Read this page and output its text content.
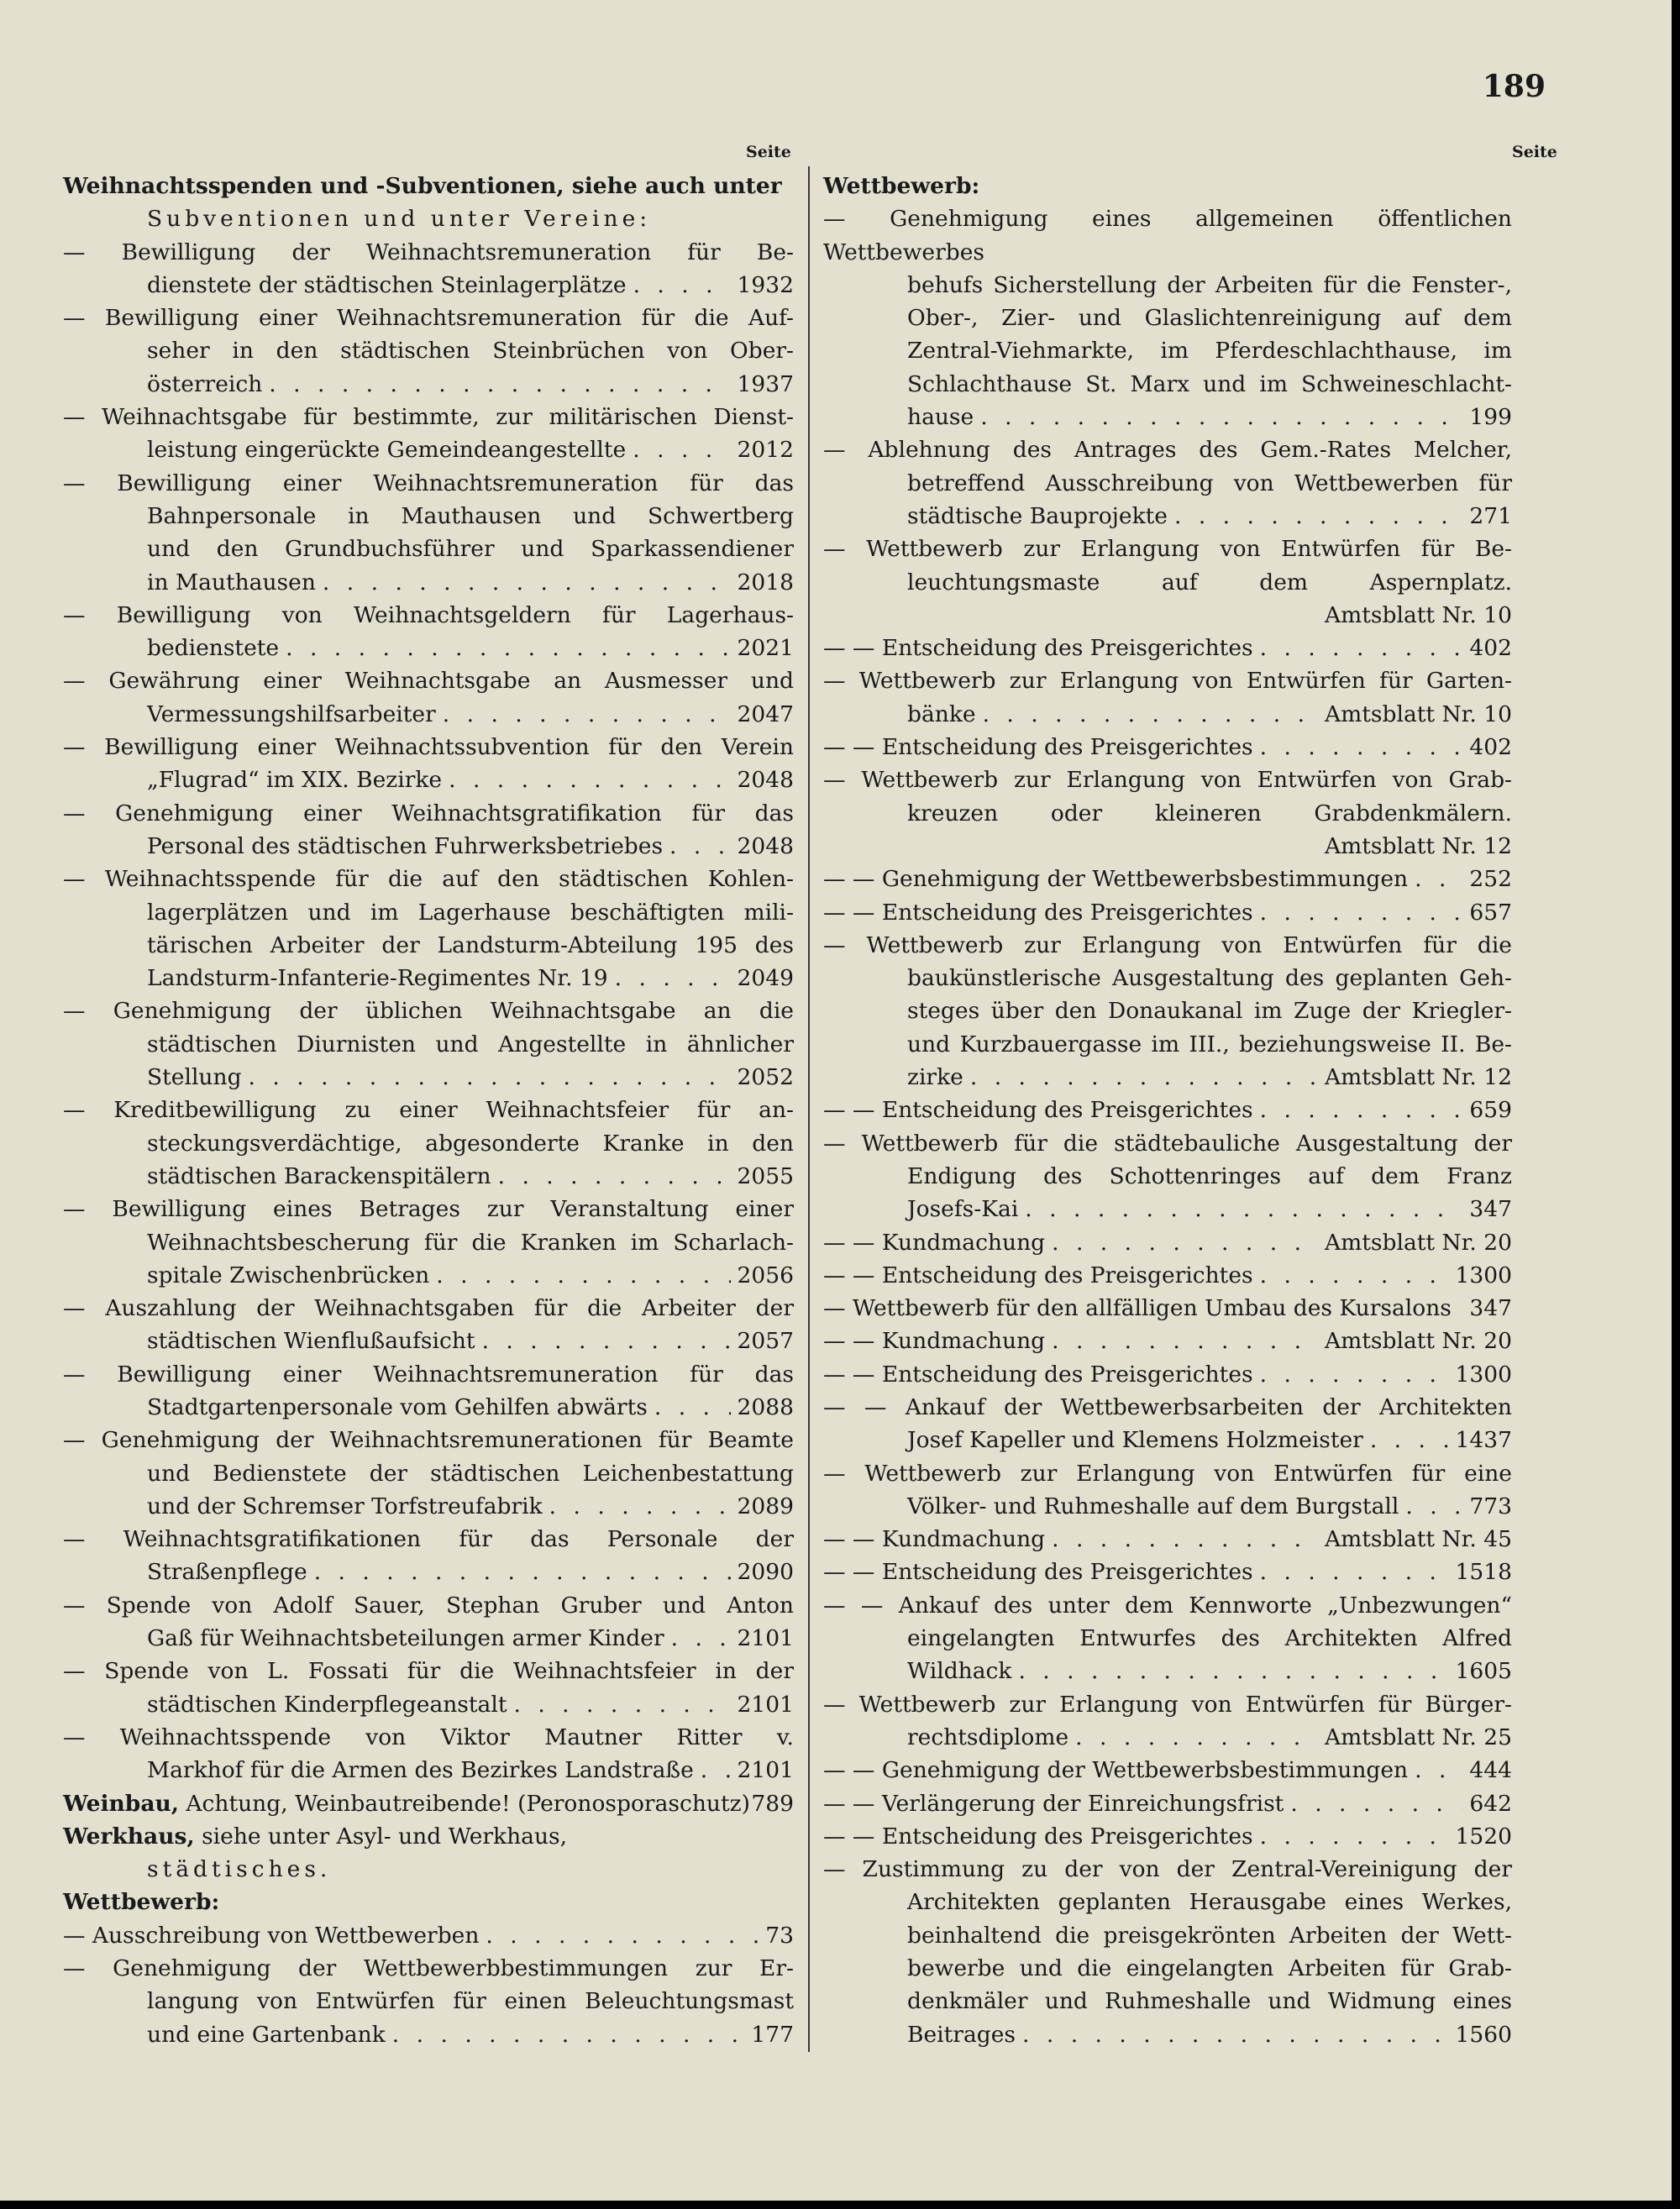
189
Seite	Seite
Weihnachtsspenden und -Subventionen, siehe auch unter
Subventionen und unter Vereine:
— Bewilligung der Weihnachtsremuneration für Be-
dienstete der städtischen Steinlagerplätze . . .	1932
— Bewilligung einer Weihnachtsremuneration für die Auf-
seher in den städtischen Steinbrüchen von Ober-
österreich . . .	1937
— Weihnachtsgabe für bestimmte, zur militärischen Dienst-
leistung eingerückte Gemeindeangestellte . . .	2012
— Bewilligung einer Weihnachtsremuneration für das
Bahnpersonale in Mauthausen und Schwertberg
und den Grundbuchsführer und Sparkassendiener
in Mauthausen . . .	2018
— Bewilligung von Weihnachtsgeldern für Lagerhaus-
bedienstete . . .	2021
— Gewährung einer Weihnachtsgabe an Ausmesser und
Vermessungshilfsarbeiter . . .	2047
— Bewilligung einer Weihnachtssubvention für den Verein
„Flugrad“ im XIX. Bezirke . . .	2048
— Genehmigung einer Weihnachtsgratifikation für das
Personal des städtischen Fuhrwerksbetriebes . . .	2048
— Weihnachtsspende für die auf den städtischen Kohlen-
lagerplätzen und im Lagerhause beschäftigten mili-
tärischen Arbeiter der Landsturm-Abteilung 195 des
Landsturm-Infanterie-Regimentes Nr. 19 . . .	2049
— Genehmigung der üblichen Weihnachtsgabe an die
städtischen Diurnisten und Angestellte in ähnlicher
Stellung . . .	2052
— Kreditbewilligung zu einer Weihnachtsfeier für an-
steckungsverdächtige, abgesonderte Kranke in den
städtischen Barackenspitälern . . .	2055
— Bewilligung eines Betrages zur Veranstaltung einer
Weihnachtsbescherung für die Kranken im Scharlach-
spitale Zwischenbrücken . . .	2056
— Auszahlung der Weihnachtsgaben für die Arbeiter der
städtischen Wienflußaufsicht . . .	2057
— Bewilligung einer Weihnachtsremuneration für das
Stadtgartenpersonale vom Gehilfen abwärts . . .	2088
— Genehmigung der Weihnachtsremunerationen für Beamte
und Bedienstete der städtischen Leichenbestattung
und der Schremser Torfstreufabrik . . .	2089
— Weihnachtsgratifikationen für das Personale der
Straßenpflege . . .	2090
— Spende von Adolf Sauer, Stephan Gruber und Anton
Gaß für Weihnachtsbeteilungen armer Kinder . . .	2101
— Spende von L. Fossati für die Weihnachtsfeier in der
städtischen Kinderpflegeanstalt . . .	2101
— Weihnachtsspende von Viktor Mautner Ritter v.
Markhof für die Armen des Bezirkes Landstraße . . . 2101
Weinbau, Achtung, Weinbautreibende! (Peronosporaschutz) 789
Werkhaus, siehe unter Asyl- und Werkhaus,
städtisches.
Wettbewerb:
— Ausschreibung von Wettbewerben . . .	73
— Genehmigung der Wettbewerbbestimmungen zur Er-
langung von Entwürfen für einen Beleuchtungsmast
und eine Gartenbank . . .	177
Wettbewerb:
— Genehmigung eines allgemeinen öffentlichen Wettbewerbes
behufs Sicherstellung der Arbeiten für die Fenster-,
Ober-, Zier- und Glaslichtenreinigung auf dem
Zentral-Viehmarkte, im Pferdeschlachthause, im
Schlachthause St. Marx und im Schweineschlacht-
hause . . .	199
— Ablehnung des Antrages des Gem.-Rates Melcher,
betreffend Ausschreibung von Wettbewerben für
städtische Bauprojekte . . .	271
— Wettbewerb zur Erlangung von Entwürfen für Be-
leuchtungsmaste auf dem Aspernplatz.
Amtsblatt Nr. 10
— — Entscheidung des Preisgerichtes . . .	402
— Wettbewerb zur Erlangung von Entwürfen für Garten-
bänke . . .	Amtsblatt Nr. 10
— — Entscheidung des Preisgerichtes . . .	402
— Wettbewerb zur Erlangung von Entwürfen von Grab-
kreuzen oder kleineren Grabdenkmälern.
Amtsblatt Nr. 12
— — Genehmigung der Wettbewerbsbestimmungen . . .	252
— — Entscheidung des Preisgerichtes . . .	657
— Wettbewerb zur Erlangung von Entwürfen für die
baukünstlerische Ausgestaltung des geplanten Geh-
steges über den Donaukanal im Zuge der Kriegler-
und Kurzbauergasse im III., beziehungsweise II. Be-
zirke . . .	Amtsblatt Nr. 12
— — Entscheidung des Preisgerichtes . . .	659
— Wettbewerb für die städtebauliche Ausgestaltung der
Endigung des Schottenringes auf dem Franz
Josefs-Kai . . .	347
— — Kundmachung . . .	Amtsblatt Nr. 20
— — Entscheidung des Preisgerichtes . . .	1300
— Wettbewerb für den allfälligen Umbau des Kursalons 347
— — Kundmachung . . .	Amtsblatt Nr. 20
— — Entscheidung des Preisgerichtes . . .	1300
— — Ankauf der Wettbewerbsarbeiten der Architekten
Josef Kapeller und Klemens Holzmeister . . .	1437
— Wettbewerb zur Erlangung von Entwürfen für eine
Völker- und Ruhmeshalle auf dem Burgstall . . .	773
— — Kundmachung . . .	Amtsblatt Nr. 45
— — Entscheidung des Preisgerichtes . . .	1518
— — Ankauf des unter dem Kennworte „Unbezwungen“
eingelangten Entwurfes des Architekten Alfred
Wildhack . . .	1605
— Wettbewerb zur Erlangung von Entwürfen für Bürger-
rechtsdiplome . . .	Amtsblatt Nr. 25
— — Genehmigung der Wettbewerbsbestimmungen . . .	444
— — Verlängerung der Einreichungsfrist . . .	642
— — Entscheidung des Preisgerichtes . . .	1520
— Zustimmung zu der von der Zentral-Vereinigung der
Architekten geplanten Herausgabe eines Werkes,
beinhaltend die preisgekrönten Arbeiten der Wett-
bewerbe und die eingelangten Arbeiten für Grab-
denkmäler und Ruhmeshalle und Widmung eines
Beitrages . . .	1560
